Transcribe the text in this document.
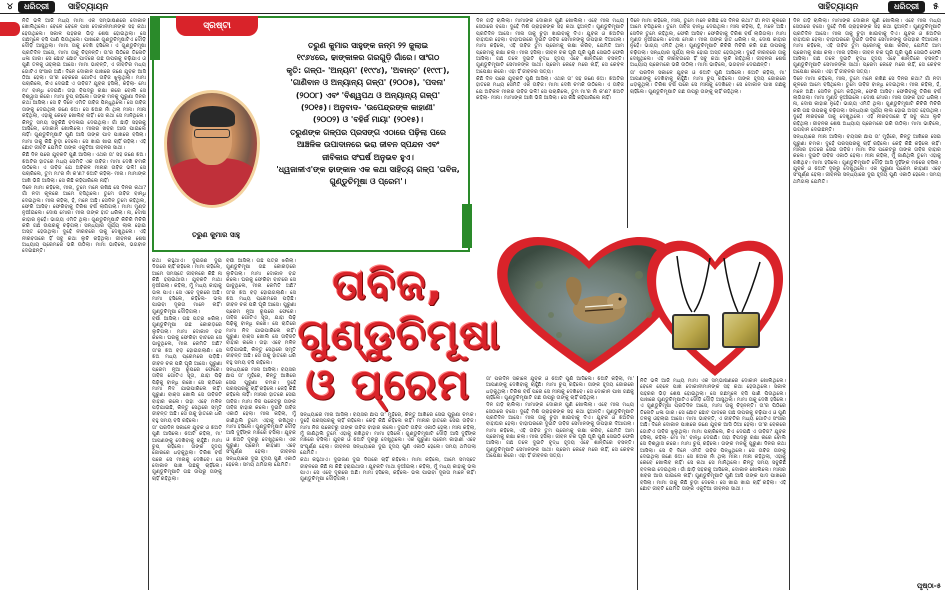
୪	ଧରିତ୍ରୀ	ସାହିତ୍ୟାୟନ	ସାହିତ୍ୟାୟନ	ଧରିତ୍ରୀ	୫

ନିତି ଭଳି ଆଜି ମଧ୍ୟ ମାମା ଏକ ସମ୍ଭାଷଣରେ ଦୋକାନ ଖୋଲିଥିଲେ। ବେଳେ ବେଳେ ପାଖ ଦୋକାନୀମାନଙ୍କ ସହ କଥା ହେଉଥିଲେ। ସକାଳ ପହରର ଭିଡ଼ ଶେଷ ହୋଇଥିଲା। ସେ ଗଛମୂଳେ ବସି ପାଣି ପିଉଥିଲେ। ପାଖରେ ଗୁଣ୍ଡୁଚିମୂଷାଟିଏ ଦୌଡ଼ି ଦୌଡ଼ି ଆସୁଥିଲା। ମାମା ତାକୁ ଦେଖି ହସିଲେ। ଏ ଗୁଣ୍ଡୁଚିମୂଷା ପ୍ରତିଦିନ ଆସେ, ମାମା ତାକୁ ଚିହ୍ନନ୍ତି। ତା'ର ପିଠିରେ ତିନୋଟି ଧଳା ଗାର। ସେ ଛୋଟ ଛୋଟ ପାଦରେ ଗଛ ଉପରକୁ ଚଢ଼ିଯାଏ ଓ ପୁଣି ତଳକୁ ଓହ୍ଲାଇ ଆସେ। ମାମା ଭାବନ୍ତି, ଏ ଜୀବଟିର ମଧ୍ୟ ଗୋଟିଏ ସଂସାର ଅଛି। ଦିନେ ଦୋକାନ ପାଖରେ ଜଣେ ଯୁବକ ଆସି ଠିଆ ହେଲା। ତା'ର ବେକରେ ଗୋଟିଏ ତାବିଜ ଝୁଲୁଥିଲା। ମାମା ପଚାରିଲେ, କିଏ ଦେଇଛି ଏ ତାବିଜ? ଯୁବକ ହସିଲା, କହିଲା- ମୋ ମା' ବାନ୍ଧି ଦେଇଛି। ତାହା ବିପଦରୁ ରକ୍ଷା କରେ ବୋଲି ସେ ବିଶ୍ୱାସ କରେ। ମାମା ଚୁପ୍ ରହିଲେ। ତାଙ୍କ ମନକୁ ପୁରୁଣା ଦିନର କଥା ଆସିଲା। ସେ ବି ଦିନେ ଏମିତି ତାବିଜ ପିନ୍ଧୁଥିଲେ। ସେ ତାବିଜ ତାଙ୍କୁ ଦେଇଥିଲା ଜଣେ ଝିଅ। ସେ ଝିଅର ନାଁ ଥିଲା ମୀନା। ମୀନା କହିଥିଲା, ଏହାକୁ କେବେ ଖୋଲିବ ନାହିଁ। ସେ କଥା ସେ ମାନିଥିଲେ। କିନ୍ତୁ ସମୟ ସବୁକିଛି ବଦଳାଇ ଦେଇଥିଲା। ଗାଁ ଛାଡ଼ି ସହରକୁ ଆସିଲେ, ଦୋକାନ ଖୋଲିଲେ। ମୀନାର ଖବର ଆଉ ପାଇଲେ ନାହିଁ। ଗୁଣ୍ଡୁଚିମୂଷାଟି ପୁଣି ଆସି ତାଙ୍କ ପାଦ ପାଖରେ ବସିଲା। ମାମା ତାକୁ କିଛି ଚୁଡ଼ା ଦେଲେ। ସେ ଖାଇ ଖାଇ ଚାହିଁ ରହିଲା। ଏହି ଛୋଟ ଜୀବଟି ଯେମିତି ତାଙ୍କ ଏକୁଟିଆ ଜୀବନର ସାଥୀ।

କିଛି ଦିନ ପରେ ଯୁବକଟି ପୁଣି ଆସିଲା। ଏଥର ତା' ସହ ଜଣେ ଝିଅ। ଝିଅଟିର ହାତରେ ମଧ୍ୟ ସେମିତି ଏକ ତାବିଜ। ମାମା ଦେଖି ଚମକି ଉଠିଲେ। ଏ ତାବିଜ ଯେ ଅବିକଳ ମୀନାର ତାବିଜ ଭଳି! ସେ ପଚାରିଲେ, ତୁମ ମା'ର ନାଁ କ'ଣ? ଝିଅଟି କହିଲା- ମୀନା। ମାମାଙ୍କ ଆଖି ଭିଜି ଆସିଲା। ସେ କିଛି କହିପାରିଲେ ନାହିଁ।

ଦିନେ ମାମା କହିଲେ, ମୀନା, ତୁମେ ମନେ ରଖିଛ ସେ ଦିନର କଥା? ଗାଁ ନଦୀ କୂଳରେ ଆମେ ବସିଥିଲେ। ତୁମେ ତାବିଜ ବାନ୍ଧି ଦେଇଥିଲ। ମୀନା କହିଲା, ହଁ, ମନେ ଅଛି। ସେଦିନ ତୁମେ କହିଥିଲ, ଫେରି ଆସିବ। ଫେରିବାକୁ ତିରିଶ ବର୍ଷ ଲାଗିଗଲା। ମାମା ମୁଣ୍ଡ ନୁଆଁଇଲେ। ଦୋଷ ମୋର। ମୀନା ତାଙ୍କ ହାତ ଧରିଲା। ନା, ଦୋଷ କାହାର ନୁହେଁ। ଭାଗ୍ୟ ଏମିତି ଥିଲା। ଗୁଣ୍ଡୁଚିମୂଷାଟି କିଚିରି ମିଚିରି କରି ଗଛ ଉପରକୁ ଚଢ଼ିଗଲା। ସନ୍ଧ୍ୟାର ସୂର୍ଯ୍ୟ ଲାଲ ହୋଇ ଅସ୍ତ ହେଉଥିଲା। ଦୁହେଁ ନୀରବରେ ତାକୁ ଦେଖୁଥିଲେ। ଏହି ନୀରବତାରେ ହିଁ ସବୁ କଥା ଲୁଚି ରହିଥିଲା। ଜୀବନର ଶେଷ ଅଧ୍ୟାୟ ପ୍ରେମରେ ଭରି ଉଠିଲା। ମାମା ଭାବିଲେ, ଭଗବାନ ଦେଇଛନ୍ତି।

ସ୍ରଷ୍ଟା
ତରୁଣ କୁମାର ସାହୁ
ତରୁଣ କୁମାର ସାହୁଙ୍କ ଜନ୍ମ ୨୨ ଜୁଲାଇ
୧୯୬୪ରେ, ଢାଙ୍କାଳର ଗରଗୁଡ଼ି ଗାଁରେ। ସାଂଗଠ
କୃତି: ଗଳ୍ପ- 'ଅନ୍ୟମ' (୧୯୯୪), 'ଅବାନ୍ତ' (୧୯୯୮),
'ଗାଣିବାନ ଓ ଅନ୍ୟାନ୍ୟ ଗଳ୍ପ' (୨୦୦୫), 'ପଦନା'
(୨୦୦୮) ଏବଂ 'ବିଶ୍ୱପଥ ଓ ଅନ୍ୟାନ୍ୟ ଗଳ୍ପ'
(୨୦୧୫)। ଅନୁବାଦ- 'ଉପେନ୍ଦ୍ରଙ୍କ କାହାଣୀ'
(୨୦୦୨) ଓ 'ବହିର୍ଜ ମାୟା' (୨୦୧୫)।
ତରୁଣଙ୍କ ଗଳ୍ପର ପ୍ରସଙ୍ଗ ଏଠାରେ ପଢ଼ିଲା ପରେ
ଆଞ୍ଚଳିକ ଉପାଦାନରେ ଭରା ଜୀବନ ସ୍ପନ୍ଦନ ଏବଂ
ଜୀବିକାର ସଂଘର୍ଷ ଅନୁଭବ ହୁଏ।
'ଧ୍ୱଜାଳୀଏ'ଙ୍କ ଢାଙ୍କାଳ ଏକ କଥା ସାହିତ୍ୟ ଗଳ୍ପ 'ତାବିଜ,
ଗୁଣ୍ଡୁଚିମୂଷା ଓ ପ୍ରେମ'।

କଥା କହୁଥାଏ। ଦୁଇଜଣ ଦୁଇ ଦିଗରେ ଚାହିଁ ରହିଲେ। ମାମା କହିଲେ, ଆମେ ସମସ୍ତେ ଜୀବନରେ କିଛି ନା କିଛି ହରାଇଥାଉ। ଯୁବକଟି ମାଥା ନୁଆଁଇଲା। କହିଲା, ମୁଁ ମଧ୍ୟ କାହାକୁ ଭଲ ପାଏ। ସେ ଏବେ ଦୂରରେ ଅଛି। ମାମା ହସିଲେ, କହିଲେ- ଭଲ ପାଇବା ଦୂରତା ମାନେ ନାହିଁ। ଗୁଣ୍ଡୁଚିମୂଷା ଦୌଡ଼ିଗଲା।

ବର୍ଷା ଆସିଲା। ଗଛ ପତ୍ର ଝରିଲା। ଗୁଣ୍ଡୁଚିମୂଷା ଗଛ କୋରଡ଼ରେ ଲୁଚିଗଲା। ମାମା ଦୋକାନ ବନ୍ଦ କଲେ। ଘରକୁ ଫେରିବା ବାଟରେ ସେ ଭାବୁଥିଲେ, ମୀନା କେମିତି ଅଛି? ତା'ର ଝିଅ ବଡ଼ ହୋଇଗଲାଣି। ସେ ଝିଅ ମଧ୍ୟ ପ୍ରେମରେ ପଡ଼ିଛି। ଜୀବନ ଚକ ପରି ଘୂରି ଆସେ। ପୁରୁଣା ପ୍ରେମ ନୂଆ ରୂପରେ ଫେରେ। ତାବିଜ ଗୋଟିଏ ସୂତା, ଯାହା ପିଢ଼ି ପିଢ଼ିକୁ ବାନ୍ଧି ରଖେ। ସେ ରାତିରେ ମାମା ନିଦ ଯାଇପାରିଲେ ନାହିଁ। ପୁରୁଣା ବାକ୍ସ ଖୋଲି ସେ ତାବିଜଟି ବାହାର କଲେ। ତାହା ଏବେ ମଳିନ ପଡ଼ିଯାଇଛି, କିନ୍ତୁ ସେଥିରେ ସ୍ମୃତି ଜୀବନ୍ତ ଅଛି। ସେ ତାକୁ ହାତରେ ଧରି ବହୁ ସମୟ ବସି ରହିଲେ।

ତା' ପରଦିନ ସକାଳେ ଯୁବକ ଓ ଝିଅଟି ପୁଣି ଆସିଲେ। ଝିଅଟି କହିଲା, ମା' ଆପଣଙ୍କୁ ଦେଖିବାକୁ ଚାହୁଁଛି। ମାମା ଚୁପ୍ ରହିଲେ। ତାଙ୍କ ହୃଦୟ ଜୋରରେ ଧଡ଼କୁଥିଲା। ତିରିଶ ବର୍ଷ ପରେ ସେ ମୀନାକୁ ଦେଖିବେ। ସେ ଦୋକାନ ପାଖ ଗଛକୁ ଚାହିଁଲେ। ଗୁଣ୍ଡୁଚିମୂଷାଟି ଗଛ ଉପରୁ ତାଙ୍କୁ ଚାହିଁ ରହିଥିଲା।

ବର୍ଷା ଆସିଲା। ଗଛ ପତ୍ର ଝରିଲା। ଗୁଣ୍ଡୁଚିମୂଷା ଗଛ କୋରଡ଼ରେ ଲୁଚିଗଲା। ମାମା ଦୋକାନ ବନ୍ଦ କଲେ। ଘରକୁ ଫେରିବା ବାଟରେ ସେ ଭାବୁଥିଲେ, ମୀନା କେମିତି ଅଛି? ତା'ର ଝିଅ ବଡ଼ ହୋଇଗଲାଣି। ସେ ଝିଅ ମଧ୍ୟ ପ୍ରେମରେ ପଡ଼ିଛି। ଜୀବନ ଚକ ପରି ଘୂରି ଆସେ। ପୁରୁଣା ପ୍ରେମ ନୂଆ ରୂପରେ ଫେରେ। ତାବିଜ ଗୋଟିଏ ସୂତା, ଯାହା ପିଢ଼ି ପିଢ଼ିକୁ ବାନ୍ଧି ରଖେ। ସେ ରାତିରେ ମାମା ନିଦ ଯାଇପାରିଲେ ନାହିଁ। ପୁରୁଣା ବାକ୍ସ ଖୋଲି ସେ ତାବିଜଟି ବାହାର କଲେ। ତାହା ଏବେ ମଳିନ ପଡ଼ିଯାଇଛି, କିନ୍ତୁ ସେଥିରେ ସ୍ମୃତି ଜୀବନ୍ତ ଅଛି। ସେ ତାକୁ ହାତରେ ଧରି ବହୁ ସମୟ ବସି ରହିଲେ।

ସନ୍ଧ୍ୟାରେ ମୀନା ଆସିଲା। ବୟସର ଛାପ ତା' ମୁହଁରେ, କିନ୍ତୁ ଆଖିରେ ସେଇ ପୁରୁଣା ଚମକ। ଦୁହେଁ ପରସ୍ପରକୁ ଚାହିଁ ରହିଲେ। କେହି କିଛି କହିଲେ ନାହିଁ। ମୀନାର ହାତରେ ସେଇ ତାବିଜ। ମାମା ନିଜ ପକେଟରୁ ତାଙ୍କ ତାବିଜ ବାହାର କଲେ। ଦୁଇଟି ତାବିଜ ଏକାଠି ହେଲା। ମୀନା କହିଲା, ମୁଁ ଜାଣିଥିଲି ତୁମେ ଏହାକୁ ରଖିଥିବ। ମାମା ହସିଲେ। ଗୁଣ୍ଡୁଚିମୂଷାଟି ଦୌଡ଼ି ଆସି ଦୁହିଁଙ୍କ ମଝିରେ ବସିଲା। ଯୁବକ ଓ ଝିଅଟି ଦୂରରୁ ଦେଖୁଥିଲେ। ଏକ ପୁରୁଣା ପ୍ରେମ କାହାଣୀ ଏବେ ସଂପୂର୍ଣ୍ଣ ହେଲା। ଜୀବନର ସନ୍ଧ୍ୟାରେ ଦୁଇ ହୃଦୟ ପୁଣି ଏକାଠି ହେଲେ। ସମୟ ଥମିଗଲା ଯେମିତି।

ତାବିଜ,
ଗୁଣ୍ଡୁଚିମୂଷା
ଓ ପ୍ରେମ

ସନ୍ଧ୍ୟାରେ ମୀନା ଆସିଲା। ବୟସର ଛାପ ତା' ମୁହଁରେ, କିନ୍ତୁ ଆଖିରେ ସେଇ ପୁରୁଣା ଚମକ। ଦୁହେଁ ପରସ୍ପରକୁ ଚାହିଁ ରହିଲେ। କେହି କିଛି କହିଲେ ନାହିଁ। ମୀନାର ହାତରେ ସେଇ ତାବିଜ। ମାମା ନିଜ ପକେଟରୁ ତାଙ୍କ ତାବିଜ ବାହାର କଲେ। ଦୁଇଟି ତାବିଜ ଏକାଠି ହେଲା। ମୀନା କହିଲା, ମୁଁ ଜାଣିଥିଲି ତୁମେ ଏହାକୁ ରଖିଥିବ। ମାମା ହସିଲେ। ଗୁଣ୍ଡୁଚିମୂଷାଟି ଦୌଡ଼ି ଆସି ଦୁହିଁଙ୍କ ମଝିରେ ବସିଲା। ଯୁବକ ଓ ଝିଅଟି ଦୂରରୁ ଦେଖୁଥିଲେ। ଏକ ପୁରୁଣା ପ୍ରେମ କାହାଣୀ ଏବେ ସଂପୂର୍ଣ୍ଣ ହେଲା। ଜୀବନର ସନ୍ଧ୍ୟାରେ ଦୁଇ ହୃଦୟ ପୁଣି ଏକାଠି ହେଲେ। ସମୟ ଥମିଗଲା ଯେମିତି।

କଥା କହୁଥାଏ। ଦୁଇଜଣ ଦୁଇ ଦିଗରେ ଚାହିଁ ରହିଲେ। ମାମା କହିଲେ, ଆମେ ସମସ୍ତେ ଜୀବନରେ କିଛି ନା କିଛି ହରାଇଥାଉ। ଯୁବକଟି ମାଥା ନୁଆଁଇଲା। କହିଲା, ମୁଁ ମଧ୍ୟ କାହାକୁ ଭଲ ପାଏ। ସେ ଏବେ ଦୂରରେ ଅଛି। ମାମା ହସିଲେ, କହିଲେ- ଭଲ ପାଇବା ଦୂରତା ମାନେ ନାହିଁ। ଗୁଣ୍ଡୁଚିମୂଷା ଦୌଡ଼ିଗଲା।

ଦିନ ଗଡ଼ି ଚାଲିଲା। ମାମାଙ୍କ ଦୋକାନ ପୁଣି ଖୋଲିଲା। ଏବେ ମୀନା ମଧ୍ୟ ସେଠାରେ ବସେ। ଦୁହେଁ ମିଶି ଗ୍ରାହକଙ୍କ ସହ କଥା ହୁଅନ୍ତି। ଗୁଣ୍ଡୁଚିମୂଷାଟି ପ୍ରତିଦିନ ଆସେ। ମୀନା ତାକୁ ଚୁଡ଼ା ଖାଇବାକୁ ଦିଏ। ଯୁବକ ଓ ଝିଅଟିର ବାହାଘର ହେଲା। ବାହାଘରରେ ଦୁଇଟି ତାବିଜ ସେମାନଙ୍କୁ ଉପହାର ଦିଆଗଲା। ମାମା କହିଲେ, ଏହି ତାବିଜ ତୁମ ପ୍ରେମକୁ ରକ୍ଷା କରିବ, ଯେମିତି ଆମ ପ୍ରେମକୁ ରକ୍ଷା କଲା। ମୀନା ହସିଲା। ଜୀବନ ଚକ ଘୂରି ଘୂରି ପୁଣି ସେଇଠି ଫେରି ଆସିଲା। ଗଛ ତଳେ ଦୁଇଟି ବୃଦ୍ଧ ହୃଦୟ ଏବେ ଶାନ୍ତିରେ ବସନ୍ତି। ଗୁଣ୍ଡୁଚିମୂଷାଟି ସେମାନଙ୍କ ସାଥୀ। ପ୍ରେମ କେବେ ମରେ ନାହିଁ, ସେ କେବଳ ଅପେକ୍ଷା କରେ। ଏହା ହିଁ ଜୀବନର ସତ୍ୟ।

କିଛି ଦିନ ପରେ ଯୁବକଟି ପୁଣି ଆସିଲା। ଏଥର ତା' ସହ ଜଣେ ଝିଅ। ଝିଅଟିର ହାତରେ ମଧ୍ୟ ସେମିତି ଏକ ତାବିଜ। ମାମା ଦେଖି ଚମକି ଉଠିଲେ। ଏ ତାବିଜ ଯେ ଅବିକଳ ମୀନାର ତାବିଜ ଭଳି! ସେ ପଚାରିଲେ, ତୁମ ମା'ର ନାଁ କ'ଣ? ଝିଅଟି କହିଲା- ମୀନା। ମାମାଙ୍କ ଆଖି ଭିଜି ଆସିଲା। ସେ କିଛି କହିପାରିଲେ ନାହିଁ।

ଦିନେ ମାମା କହିଲେ, ମୀନା, ତୁମେ ମନେ ରଖିଛ ସେ ଦିନର କଥା? ଗାଁ ନଦୀ କୂଳରେ ଆମେ ବସିଥିଲେ। ତୁମେ ତାବିଜ ବାନ୍ଧି ଦେଇଥିଲ। ମୀନା କହିଲା, ହଁ, ମନେ ଅଛି। ସେଦିନ ତୁମେ କହିଥିଲ, ଫେରି ଆସିବ। ଫେରିବାକୁ ତିରିଶ ବର୍ଷ ଲାଗିଗଲା। ମାମା ମୁଣ୍ଡ ନୁଆଁଇଲେ। ଦୋଷ ମୋର। ମୀନା ତାଙ୍କ ହାତ ଧରିଲା। ନା, ଦୋଷ କାହାର ନୁହେଁ। ଭାଗ୍ୟ ଏମିତି ଥିଲା। ଗୁଣ୍ଡୁଚିମୂଷାଟି କିଚିରି ମିଚିରି କରି ଗଛ ଉପରକୁ ଚଢ଼ିଗଲା। ସନ୍ଧ୍ୟାର ସୂର୍ଯ୍ୟ ଲାଲ ହୋଇ ଅସ୍ତ ହେଉଥିଲା। ଦୁହେଁ ନୀରବରେ ତାକୁ ଦେଖୁଥିଲେ। ଏହି ନୀରବତାରେ ହିଁ ସବୁ କଥା ଲୁଚି ରହିଥିଲା। ଜୀବନର ଶେଷ ଅଧ୍ୟାୟ ପ୍ରେମରେ ଭରି ଉଠିଲା। ମାମା ଭାବିଲେ, ଭଗବାନ ଦେଇଛନ୍ତି।

ତା' ପରଦିନ ସକାଳେ ଯୁବକ ଓ ଝିଅଟି ପୁଣି ଆସିଲେ। ଝିଅଟି କହିଲା, ମା' ଆପଣଙ୍କୁ ଦେଖିବାକୁ ଚାହୁଁଛି। ମାମା ଚୁପ୍ ରହିଲେ। ତାଙ୍କ ହୃଦୟ ଜୋରରେ ଧଡ଼କୁଥିଲା। ତିରିଶ ବର୍ଷ ପରେ ସେ ମୀନାକୁ ଦେଖିବେ। ସେ ଦୋକାନ ପାଖ ଗଛକୁ ଚାହିଁଲେ। ଗୁଣ୍ଡୁଚିମୂଷାଟି ଗଛ ଉପରୁ ତାଙ୍କୁ ଚାହିଁ ରହିଥିଲା।

ତା' ପରଦିନ ସକାଳେ ଯୁବକ ଓ ଝିଅଟି ପୁଣି ଆସିଲେ। ଝିଅଟି କହିଲା, ମା' ଆପଣଙ୍କୁ ଦେଖିବାକୁ ଚାହୁଁଛି। ମାମା ଚୁପ୍ ରହିଲେ। ତାଙ୍କ ହୃଦୟ ଜୋରରେ ଧଡ଼କୁଥିଲା। ତିରିଶ ବର୍ଷ ପରେ ସେ ମୀନାକୁ ଦେଖିବେ। ସେ ଦୋକାନ ପାଖ ଗଛକୁ ଚାହିଁଲେ। ଗୁଣ୍ଡୁଚିମୂଷାଟି ଗଛ ଉପରୁ ତାଙ୍କୁ ଚାହିଁ ରହିଥିଲା।

ଦିନ ଗଡ଼ି ଚାଲିଲା। ମାମାଙ୍କ ଦୋକାନ ପୁଣି ଖୋଲିଲା। ଏବେ ମୀନା ମଧ୍ୟ ସେଠାରେ ବସେ। ଦୁହେଁ ମିଶି ଗ୍ରାହକଙ୍କ ସହ କଥା ହୁଅନ୍ତି। ଗୁଣ୍ଡୁଚିମୂଷାଟି ପ୍ରତିଦିନ ଆସେ। ମୀନା ତାକୁ ଚୁଡ଼ା ଖାଇବାକୁ ଦିଏ। ଯୁବକ ଓ ଝିଅଟିର ବାହାଘର ହେଲା। ବାହାଘରରେ ଦୁଇଟି ତାବିଜ ସେମାନଙ୍କୁ ଉପହାର ଦିଆଗଲା। ମାମା କହିଲେ, ଏହି ତାବିଜ ତୁମ ପ୍ରେମକୁ ରକ୍ଷା କରିବ, ଯେମିତି ଆମ ପ୍ରେମକୁ ରକ୍ଷା କଲା। ମୀନା ହସିଲା। ଜୀବନ ଚକ ଘୂରି ଘୂରି ପୁଣି ସେଇଠି ଫେରି ଆସିଲା। ଗଛ ତଳେ ଦୁଇଟି ବୃଦ୍ଧ ହୃଦୟ ଏବେ ଶାନ୍ତିରେ ବସନ୍ତି। ଗୁଣ୍ଡୁଚିମୂଷାଟି ସେମାନଙ୍କ ସାଥୀ। ପ୍ରେମ କେବେ ମରେ ନାହିଁ, ସେ କେବଳ ଅପେକ୍ଷା କରେ। ଏହା ହିଁ ଜୀବନର ସତ୍ୟ।

ନିତି ଭଳି ଆଜି ମଧ୍ୟ ମାମା ଏକ ସମ୍ଭାଷଣରେ ଦୋକାନ ଖୋଲିଥିଲେ। ବେଳେ ବେଳେ ପାଖ ଦୋକାନୀମାନଙ୍କ ସହ କଥା ହେଉଥିଲେ। ସକାଳ ପହରର ଭିଡ଼ ଶେଷ ହୋଇଥିଲା। ସେ ଗଛମୂଳେ ବସି ପାଣି ପିଉଥିଲେ। ପାଖରେ ଗୁଣ୍ଡୁଚିମୂଷାଟିଏ ଦୌଡ଼ି ଦୌଡ଼ି ଆସୁଥିଲା। ମାମା ତାକୁ ଦେଖି ହସିଲେ। ଏ ଗୁଣ୍ଡୁଚିମୂଷା ପ୍ରତିଦିନ ଆସେ, ମାମା ତାକୁ ଚିହ୍ନନ୍ତି। ତା'ର ପିଠିରେ ତିନୋଟି ଧଳା ଗାର। ସେ ଛୋଟ ଛୋଟ ପାଦରେ ଗଛ ଉପରକୁ ଚଢ଼ିଯାଏ ଓ ପୁଣି ତଳକୁ ଓହ୍ଲାଇ ଆସେ। ମାମା ଭାବନ୍ତି, ଏ ଜୀବଟିର ମଧ୍ୟ ଗୋଟିଏ ସଂସାର ଅଛି। ଦିନେ ଦୋକାନ ପାଖରେ ଜଣେ ଯୁବକ ଆସି ଠିଆ ହେଲା। ତା'ର ବେକରେ ଗୋଟିଏ ତାବିଜ ଝୁଲୁଥିଲା। ମାମା ପଚାରିଲେ, କିଏ ଦେଇଛି ଏ ତାବିଜ? ଯୁବକ ହସିଲା, କହିଲା- ମୋ ମା' ବାନ୍ଧି ଦେଇଛି। ତାହା ବିପଦରୁ ରକ୍ଷା କରେ ବୋଲି ସେ ବିଶ୍ୱାସ କରେ। ମାମା ଚୁପ୍ ରହିଲେ। ତାଙ୍କ ମନକୁ ପୁରୁଣା ଦିନର କଥା ଆସିଲା। ସେ ବି ଦିନେ ଏମିତି ତାବିଜ ପିନ୍ଧୁଥିଲେ। ସେ ତାବିଜ ତାଙ୍କୁ ଦେଇଥିଲା ଜଣେ ଝିଅ। ସେ ଝିଅର ନାଁ ଥିଲା ମୀନା। ମୀନା କହିଥିଲା, ଏହାକୁ କେବେ ଖୋଲିବ ନାହିଁ। ସେ କଥା ସେ ମାନିଥିଲେ। କିନ୍ତୁ ସମୟ ସବୁକିଛି ବଦଳାଇ ଦେଇଥିଲା। ଗାଁ ଛାଡ଼ି ସହରକୁ ଆସିଲେ, ଦୋକାନ ଖୋଲିଲେ। ମୀନାର ଖବର ଆଉ ପାଇଲେ ନାହିଁ। ଗୁଣ୍ଡୁଚିମୂଷାଟି ପୁଣି ଆସି ତାଙ୍କ ପାଦ ପାଖରେ ବସିଲା। ମାମା ତାକୁ କିଛି ଚୁଡ଼ା ଦେଲେ। ସେ ଖାଇ ଖାଇ ଚାହିଁ ରହିଲା। ଏହି ଛୋଟ ଜୀବଟି ଯେମିତି ତାଙ୍କ ଏକୁଟିଆ ଜୀବନର ସାଥୀ।

ଦିନ ଗଡ଼ି ଚାଲିଲା। ମାମାଙ୍କ ଦୋକାନ ପୁଣି ଖୋଲିଲା। ଏବେ ମୀନା ମଧ୍ୟ ସେଠାରେ ବସେ। ଦୁହେଁ ମିଶି ଗ୍ରାହକଙ୍କ ସହ କଥା ହୁଅନ୍ତି। ଗୁଣ୍ଡୁଚିମୂଷାଟି ପ୍ରତିଦିନ ଆସେ। ମୀନା ତାକୁ ଚୁଡ଼ା ଖାଇବାକୁ ଦିଏ। ଯୁବକ ଓ ଝିଅଟିର ବାହାଘର ହେଲା। ବାହାଘରରେ ଦୁଇଟି ତାବିଜ ସେମାନଙ୍କୁ ଉପହାର ଦିଆଗଲା। ମାମା କହିଲେ, ଏହି ତାବିଜ ତୁମ ପ୍ରେମକୁ ରକ୍ଷା କରିବ, ଯେମିତି ଆମ ପ୍ରେମକୁ ରକ୍ଷା କଲା। ମୀନା ହସିଲା। ଜୀବନ ଚକ ଘୂରି ଘୂରି ପୁଣି ସେଇଠି ଫେରି ଆସିଲା। ଗଛ ତଳେ ଦୁଇଟି ବୃଦ୍ଧ ହୃଦୟ ଏବେ ଶାନ୍ତିରେ ବସନ୍ତି। ଗୁଣ୍ଡୁଚିମୂଷାଟି ସେମାନଙ୍କ ସାଥୀ। ପ୍ରେମ କେବେ ମରେ ନାହିଁ, ସେ କେବଳ ଅପେକ୍ଷା କରେ। ଏହା ହିଁ ଜୀବନର ସତ୍ୟ।

ଦିନେ ମାମା କହିଲେ, ମୀନା, ତୁମେ ମନେ ରଖିଛ ସେ ଦିନର କଥା? ଗାଁ ନଦୀ କୂଳରେ ଆମେ ବସିଥିଲେ। ତୁମେ ତାବିଜ ବାନ୍ଧି ଦେଇଥିଲ। ମୀନା କହିଲା, ହଁ, ମନେ ଅଛି। ସେଦିନ ତୁମେ କହିଥିଲ, ଫେରି ଆସିବ। ଫେରିବାକୁ ତିରିଶ ବର୍ଷ ଲାଗିଗଲା। ମାମା ମୁଣ୍ଡ ନୁଆଁଇଲେ। ଦୋଷ ମୋର। ମୀନା ତାଙ୍କ ହାତ ଧରିଲା। ନା, ଦୋଷ କାହାର ନୁହେଁ। ଭାଗ୍ୟ ଏମିତି ଥିଲା। ଗୁଣ୍ଡୁଚିମୂଷାଟି କିଚିରି ମିଚିରି କରି ଗଛ ଉପରକୁ ଚଢ଼ିଗଲା। ସନ୍ଧ୍ୟାର ସୂର୍ଯ୍ୟ ଲାଲ ହୋଇ ଅସ୍ତ ହେଉଥିଲା। ଦୁହେଁ ନୀରବରେ ତାକୁ ଦେଖୁଥିଲେ। ଏହି ନୀରବତାରେ ହିଁ ସବୁ କଥା ଲୁଚି ରହିଥିଲା। ଜୀବନର ଶେଷ ଅଧ୍ୟାୟ ପ୍ରେମରେ ଭରି ଉଠିଲା। ମାମା ଭାବିଲେ, ଭଗବାନ ଦେଇଛନ୍ତି।

ସନ୍ଧ୍ୟାରେ ମୀନା ଆସିଲା। ବୟସର ଛାପ ତା' ମୁହଁରେ, କିନ୍ତୁ ଆଖିରେ ସେଇ ପୁରୁଣା ଚମକ। ଦୁହେଁ ପରସ୍ପରକୁ ଚାହିଁ ରହିଲେ। କେହି କିଛି କହିଲେ ନାହିଁ। ମୀନାର ହାତରେ ସେଇ ତାବିଜ। ମାମା ନିଜ ପକେଟରୁ ତାଙ୍କ ତାବିଜ ବାହାର କଲେ। ଦୁଇଟି ତାବିଜ ଏକାଠି ହେଲା। ମୀନା କହିଲା, ମୁଁ ଜାଣିଥିଲି ତୁମେ ଏହାକୁ ରଖିଥିବ। ମାମା ହସିଲେ। ଗୁଣ୍ଡୁଚିମୂଷାଟି ଦୌଡ଼ି ଆସି ଦୁହିଁଙ୍କ ମଝିରେ ବସିଲା। ଯୁବକ ଓ ଝିଅଟି ଦୂରରୁ ଦେଖୁଥିଲେ। ଏକ ପୁରୁଣା ପ୍ରେମ କାହାଣୀ ଏବେ ସଂପୂର୍ଣ୍ଣ ହେଲା। ଜୀବନର ସନ୍ଧ୍ୟାରେ ଦୁଇ ହୃଦୟ ପୁଣି ଏକାଠି ହେଲେ। ସମୟ ଥମିଗଲା ଯେମିତି।

ପୃଷ୍ଠା-୫
